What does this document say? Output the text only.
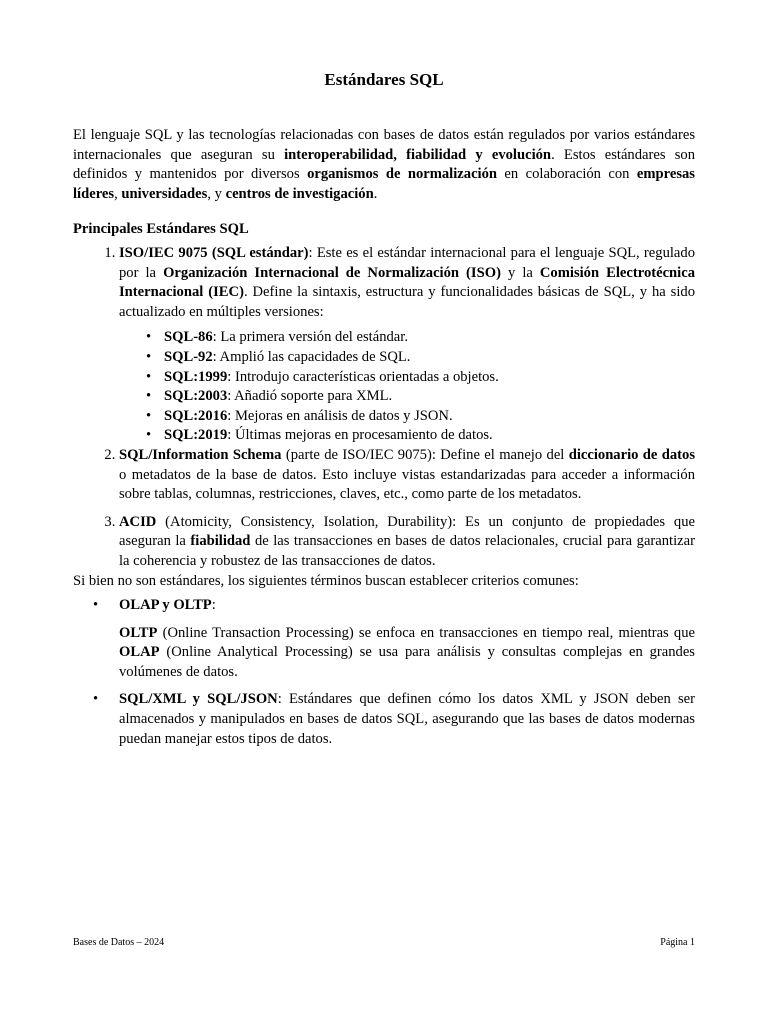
Estándares SQL

El lenguaje SQL y las tecnologías relacionadas con bases de datos están regulados por varios estándares internacionales que aseguran su interoperabilidad, fiabilidad y evolución. Estos estándares son definidos y mantenidos por diversos organismos de normalización en colaboración con empresas líderes, universidades, y centros de investigación.

Principales Estándares SQL
1. ISO/IEC 9075 (SQL estándar): Este es el estándar internacional para el lenguaje SQL, regulado por la Organización Internacional de Normalización (ISO) y la Comisión Electrotécnica Internacional (IEC). Define la sintaxis, estructura y funcionalidades básicas de SQL, y ha sido actualizado en múltiples versiones:
• SQL-86: La primera versión del estándar.
• SQL-92: Amplió las capacidades de SQL.
• SQL:1999: Introdujo características orientadas a objetos.
• SQL:2003: Añadió soporte para XML.
• SQL:2016: Mejoras en análisis de datos y JSON.
• SQL:2019: Últimas mejoras en procesamiento de datos.
2. SQL/Information Schema (parte de ISO/IEC 9075): Define el manejo del diccionario de datos o metadatos de la base de datos. Esto incluye vistas estandarizadas para acceder a información sobre tablas, columnas, restricciones, claves, etc., como parte de los metadatos.
3. ACID (Atomicity, Consistency, Isolation, Durability): Es un conjunto de propiedades que aseguran la fiabilidad de las transacciones en bases de datos relacionales, crucial para garantizar la coherencia y robustez de las transacciones de datos.

Si bien no son estándares, los siguientes términos buscan establecer criterios comunes:

• OLAP y OLTP:
OLTP (Online Transaction Processing) se enfoca en transacciones en tiempo real, mientras que OLAP (Online Analytical Processing) se usa para análisis y consultas complejas en grandes volúmenes de datos.
• SQL/XML y SQL/JSON: Estándares que definen cómo los datos XML y JSON deben ser almacenados y manipulados en bases de datos SQL, asegurando que las bases de datos modernas puedan manejar estos tipos de datos.
Bases de Datos – 2024	Página 1
